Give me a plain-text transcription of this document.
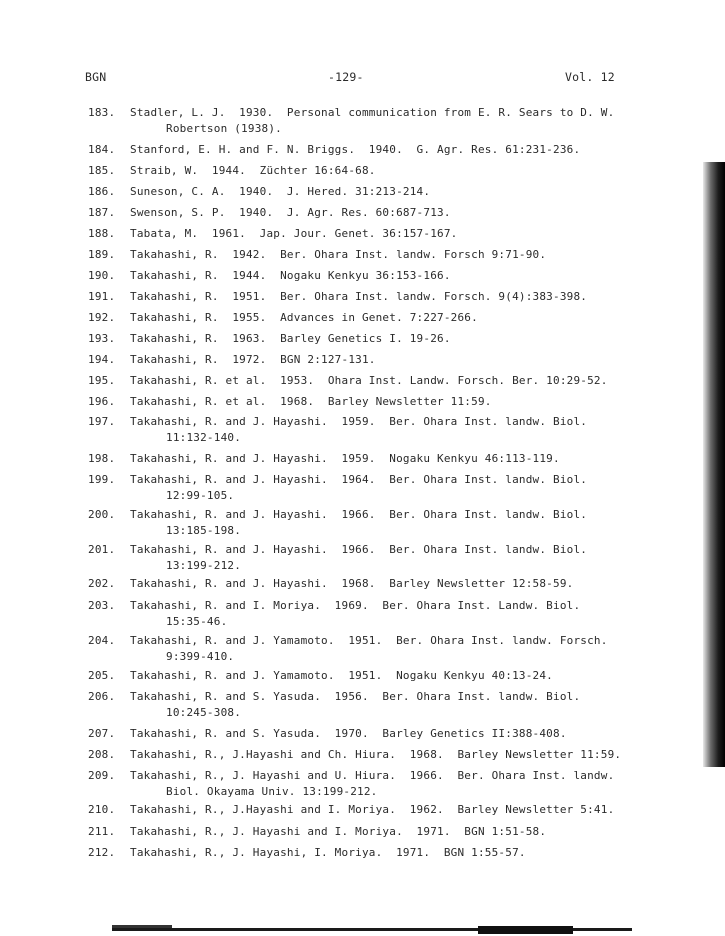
BGN	-129-	Vol. 12
183. Stadler, L. J.  1930.  Personal communication from E. R. Sears to D. W.
Robertson (1938).
184. Stanford, E. H. and F. N. Briggs.  1940.  G. Agr. Res. 61:231-236.
185. Straib, W.  1944.  Züchter 16:64-68.
186. Suneson, C. A.  1940.  J. Hered. 31:213-214.
187. Swenson, S. P.  1940.  J. Agr. Res. 60:687-713.
188. Tabata, M.  1961.  Jap. Jour. Genet. 36:157-167.
189. Takahashi, R.  1942.  Ber. Ohara Inst. landw. Forsch 9:71-90.
190. Takahashi, R.  1944.  Nogaku Kenkyu 36:153-166.
191. Takahashi, R.  1951.  Ber. Ohara Inst. landw. Forsch. 9(4):383-398.
192. Takahashi, R.  1955.  Advances in Genet. 7:227-266.
193. Takahashi, R.  1963.  Barley Genetics I. 19-26.
194. Takahashi, R.  1972.  BGN 2:127-131.
195. Takahashi, R. et al.  1953.  Ohara Inst. Landw. Forsch. Ber. 10:29-52.
196. Takahashi, R. et al.  1968.  Barley Newsletter 11:59.
197. Takahashi, R. and J. Hayashi.  1959.  Ber. Ohara Inst. landw. Biol.
11:132-140.
198. Takahashi, R. and J. Hayashi.  1959.  Nogaku Kenkyu 46:113-119.
199. Takahashi, R. and J. Hayashi.  1964.  Ber. Ohara Inst. landw. Biol.
12:99-105.
200. Takahashi, R. and J. Hayashi.  1966.  Ber. Ohara Inst. landw. Biol.
13:185-198.
201. Takahashi, R. and J. Hayashi.  1966.  Ber. Ohara Inst. landw. Biol.
13:199-212.
202. Takahashi, R. and J. Hayashi.  1968.  Barley Newsletter 12:58-59.
203. Takahashi, R. and I. Moriya.  1969.  Ber. Ohara Inst. Landw. Biol.
15:35-46.
204. Takahashi, R. and J. Yamamoto.  1951.  Ber. Ohara Inst. landw. Forsch.
9:399-410.
205. Takahashi, R. and J. Yamamoto.  1951.  Nogaku Kenkyu 40:13-24.
206. Takahashi, R. and S. Yasuda.  1956.  Ber. Ohara Inst. landw. Biol.
10:245-308.
207. Takahashi, R. and S. Yasuda.  1970.  Barley Genetics II:388-408.
208. Takahashi, R., J.Hayashi and Ch. Hiura.  1968.  Barley Newsletter 11:59.
209. Takahashi, R., J. Hayashi and U. Hiura.  1966.  Ber. Ohara Inst. landw.
Biol. Okayama Univ. 13:199-212.
210. Takahashi, R., J.Hayashi and I. Moriya.  1962.  Barley Newsletter 5:41.
211. Takahashi, R., J. Hayashi and I. Moriya.  1971.  BGN 1:51-58.
212. Takahashi, R., J. Hayashi, I. Moriya.  1971.  BGN 1:55-57.
